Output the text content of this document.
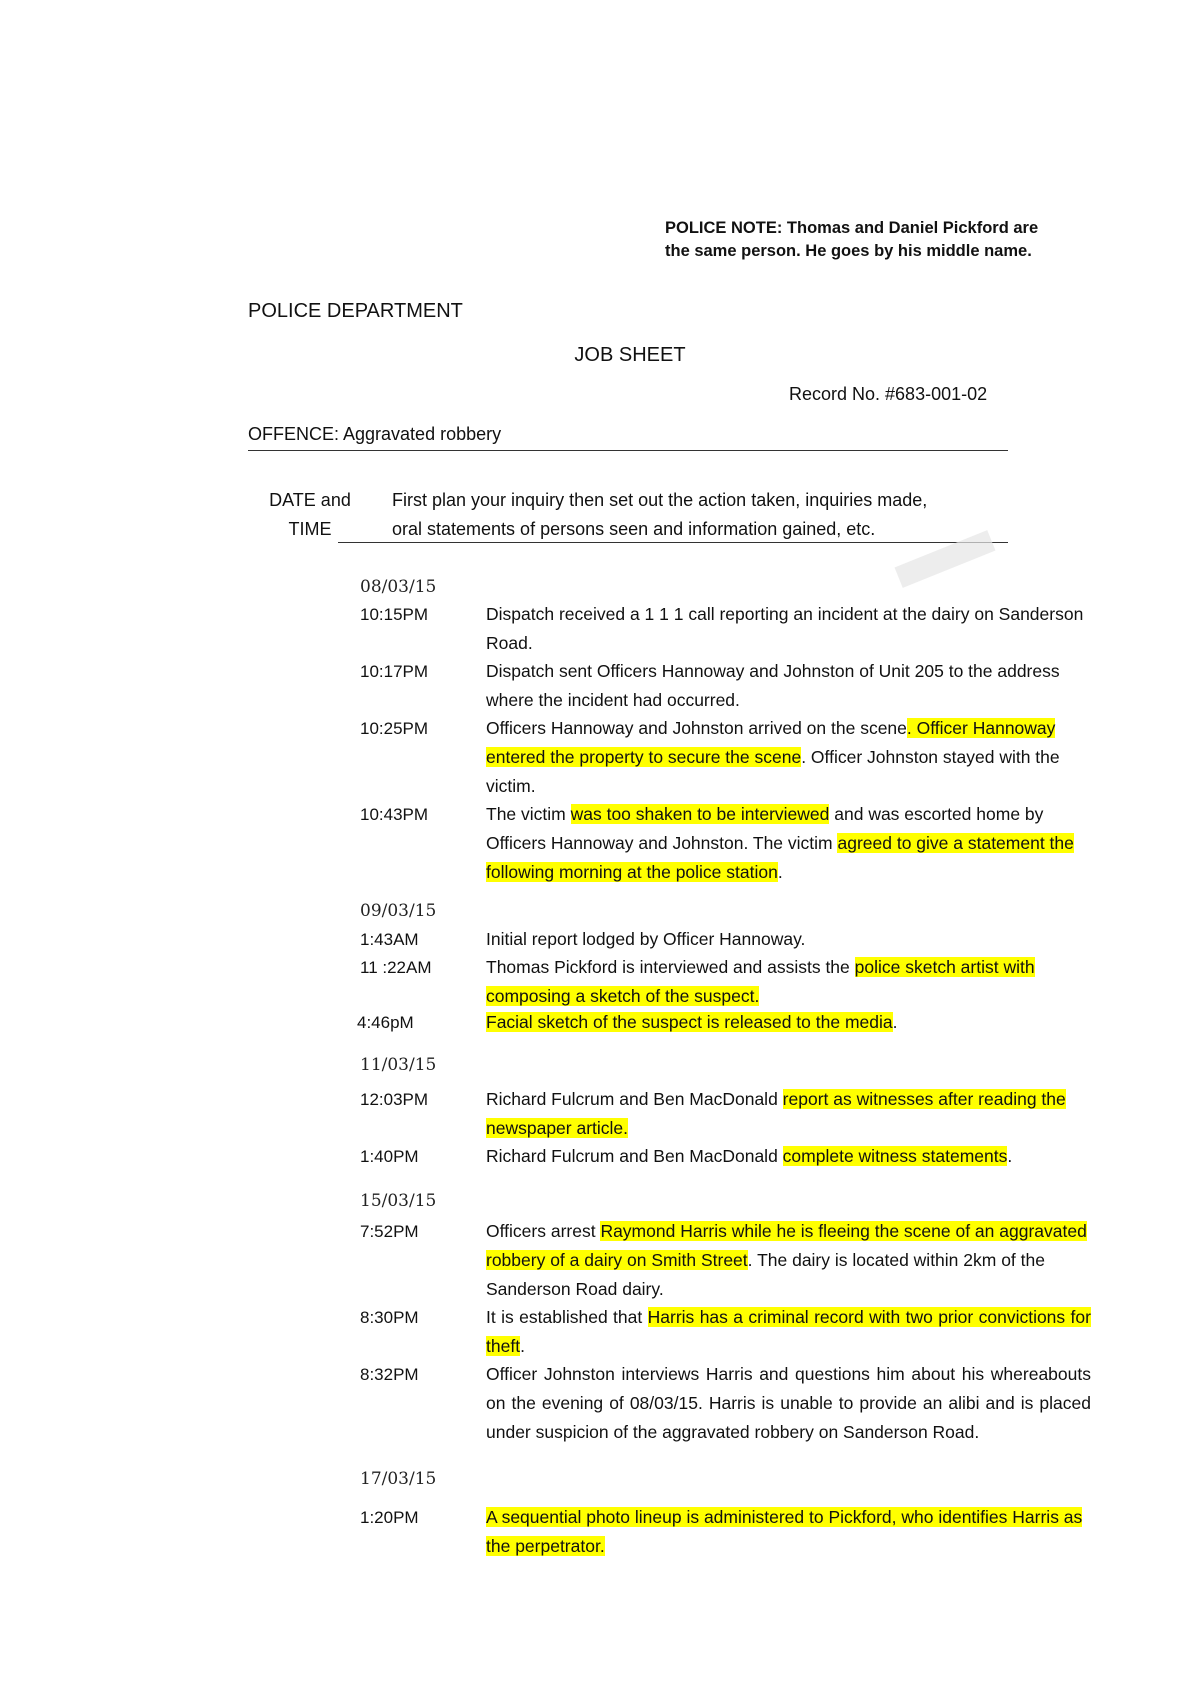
POLICE NOTE: Thomas and Daniel Pickford are
the same person. He goes by his middle name.
POLICE DEPARTMENT
JOB SHEET
Record No. #683-001-02
OFFENCE: Aggravated robbery
DATE and
TIME
First plan your inquiry then set out the action taken, inquiries made,
oral statements of persons seen and information gained, etc.
08/03/15
09/03/15
11/03/15
15/03/15
17/03/15
10:15PM
10:17PM
10:25PM
10:43PM
1:43AM
11 :22AM
4:46pM
12:03PM
1:40PM
7:52PM
8:30PM
8:32PM
1:20PM
Dispatch received a 1 1 1 call reporting an incident at the dairy on Sanderson Road.
Dispatch sent Officers Hannoway and Johnston of Unit 205 to the address where the incident had occurred.
Officers Hannoway and Johnston arrived on the scene. Officer Hannoway entered the property to secure the scene. Officer Johnston stayed with the victim.
The victim was too shaken to be interviewed and was escorted home by Officers Hannoway and Johnston. The victim agreed to give a statement the following morning at the police station.
Initial report lodged by Officer Hannoway.
Thomas Pickford is interviewed and assists the police sketch artist with composing a sketch of the suspect.
Facial sketch of the suspect is released to the media.
Richard Fulcrum and Ben MacDonald report as witnesses after reading the newspaper article.
Richard Fulcrum and Ben MacDonald complete witness statements.
Officers arrest Raymond Harris while he is fleeing the scene of an aggravated robbery of a dairy on Smith Street. The dairy is located within 2km of the Sanderson Road dairy.
It is established that Harris has a criminal record with two prior convictions for theft.
Officer Johnston interviews Harris and questions him about his whereabouts on the evening of 08/03/15. Harris is unable to provide an alibi and is placed under suspicion of the aggravated robbery on Sanderson Road.
A sequential photo lineup is administered to Pickford, who identifies Harris as the perpetrator.
